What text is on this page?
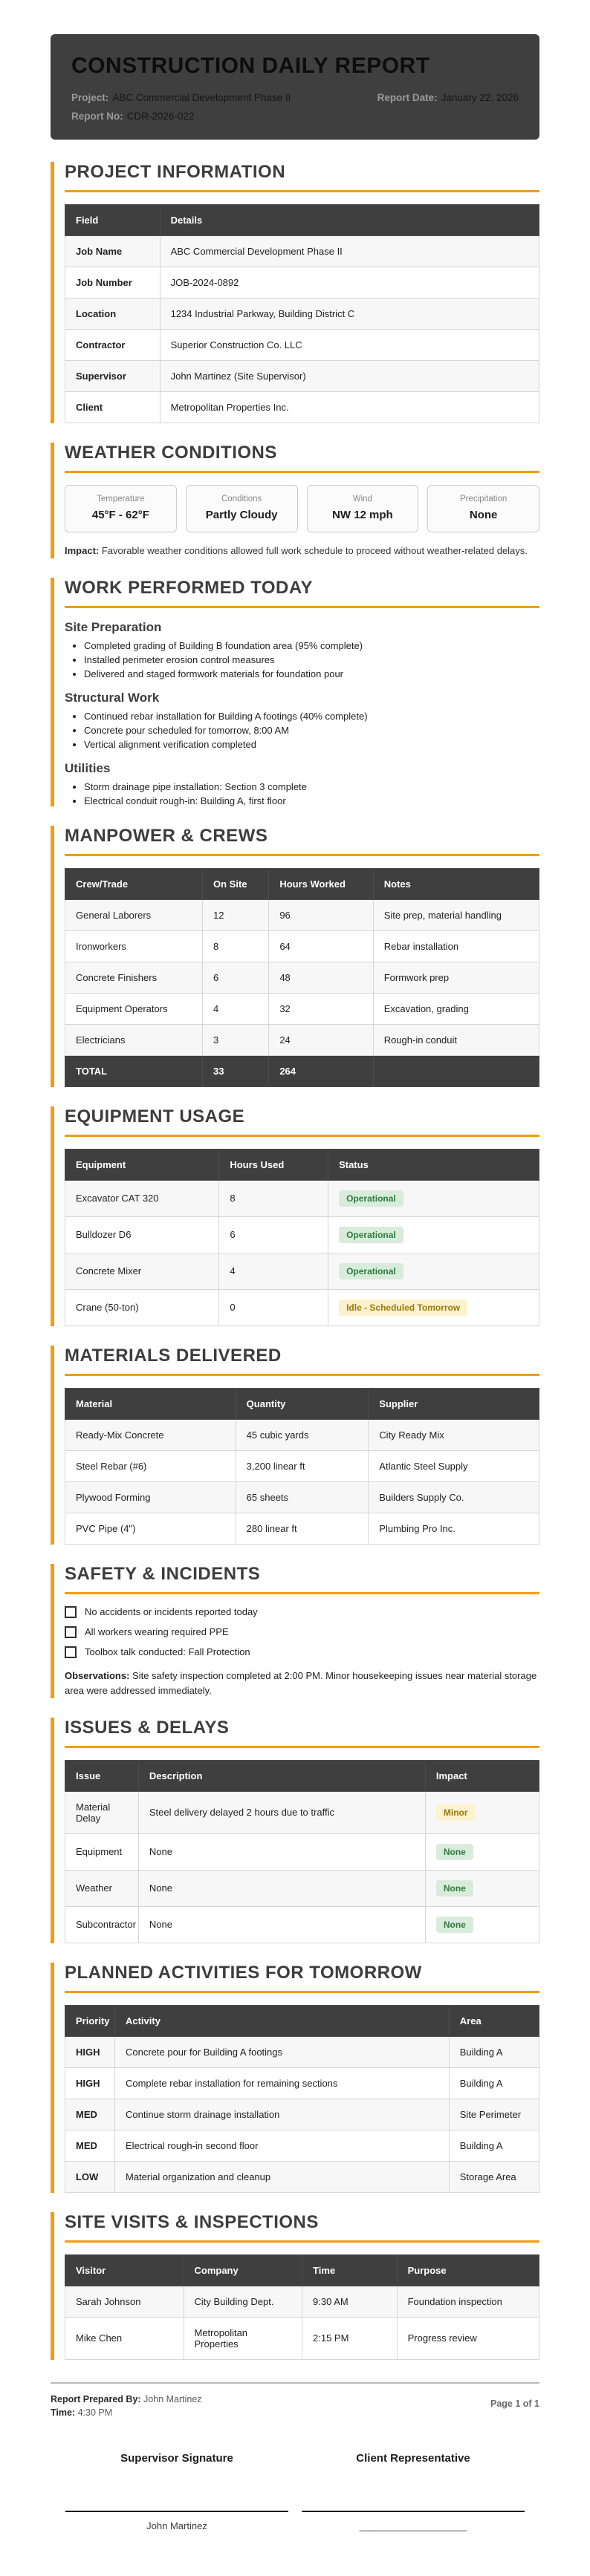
CONSTRUCTION DAILY REPORT
Project: ABC Commercial Development Phase II	Report Date: January 22, 2026
Report No: CDR-2026-022
PROJECT INFORMATION
Field	Details
Job Name	ABC Commercial Development Phase II
Job Number	JOB-2024-0892
Location	1234 Industrial Parkway, Building District C
Contractor	Superior Construction Co. LLC
Supervisor	John Martinez (Site Supervisor)
Client	Metropolitan Properties Inc.
WEATHER CONDITIONS
Temperature
45°F - 62°F
Conditions
Partly Cloudy
Wind
NW 12 mph
Precipitation
None
Impact: Favorable weather conditions allowed full work schedule to proceed without weather-related delays.
WORK PERFORMED TODAY
Site Preparation
• Completed grading of Building B foundation area (95% complete)
• Installed perimeter erosion control measures
• Delivered and staged formwork materials for foundation pour
Structural Work
• Continued rebar installation for Building A footings (40% complete)
• Concrete pour scheduled for tomorrow, 8:00 AM
• Vertical alignment verification completed
Utilities
• Storm drainage pipe installation: Section 3 complete
• Electrical conduit rough-in: Building A, first floor
MANPOWER & CREWS
Crew/Trade	On Site	Hours Worked	Notes
General Laborers	12	96	Site prep, material handling
Ironworkers	8	64	Rebar installation
Concrete Finishers	6	48	Formwork prep
Equipment Operators	4	32	Excavation, grading
Electricians	3	24	Rough-in conduit
TOTAL	33	264	
EQUIPMENT USAGE
Equipment	Hours Used	Status
Excavator CAT 320	8	Operational
Bulldozer D6	6	Operational
Concrete Mixer	4	Operational
Crane (50-ton)	0	Idle - Scheduled Tomorrow
MATERIALS DELIVERED
Material	Quantity	Supplier
Ready-Mix Concrete	45 cubic yards	City Ready Mix
Steel Rebar (#6)	3,200 linear ft	Atlantic Steel Supply
Plywood Forming	65 sheets	Builders Supply Co.
PVC Pipe (4")	280 linear ft	Plumbing Pro Inc.
SAFETY & INCIDENTS
No accidents or incidents reported today
All workers wearing required PPE
Toolbox talk conducted: Fall Protection
Observations: Site safety inspection completed at 2:00 PM. Minor housekeeping issues near material storage area were addressed immediately.
ISSUES & DELAYS
Issue	Description	Impact
Material Delay	Steel delivery delayed 2 hours due to traffic	Minor
Equipment	None	None
Weather	None	None
Subcontractor	None	None
PLANNED ACTIVITIES FOR TOMORROW
Priority	Activity	Area
HIGH	Concrete pour for Building A footings	Building A
HIGH	Complete rebar installation for remaining sections	Building A
MED	Continue storm drainage installation	Site Perimeter
MED	Electrical rough-in second floor	Building A
LOW	Material organization and cleanup	Storage Area
SITE VISITS & INSPECTIONS
Visitor	Company	Time	Purpose
Sarah Johnson	City Building Dept.	9:30 AM	Foundation inspection
Mike Chen	Metropolitan Properties	2:15 PM	Progress review
Report Prepared By: John Martinez
Time: 4:30 PM
Page 1 of 1
Supervisor Signature
John Martinez
Client Representative
____________________
